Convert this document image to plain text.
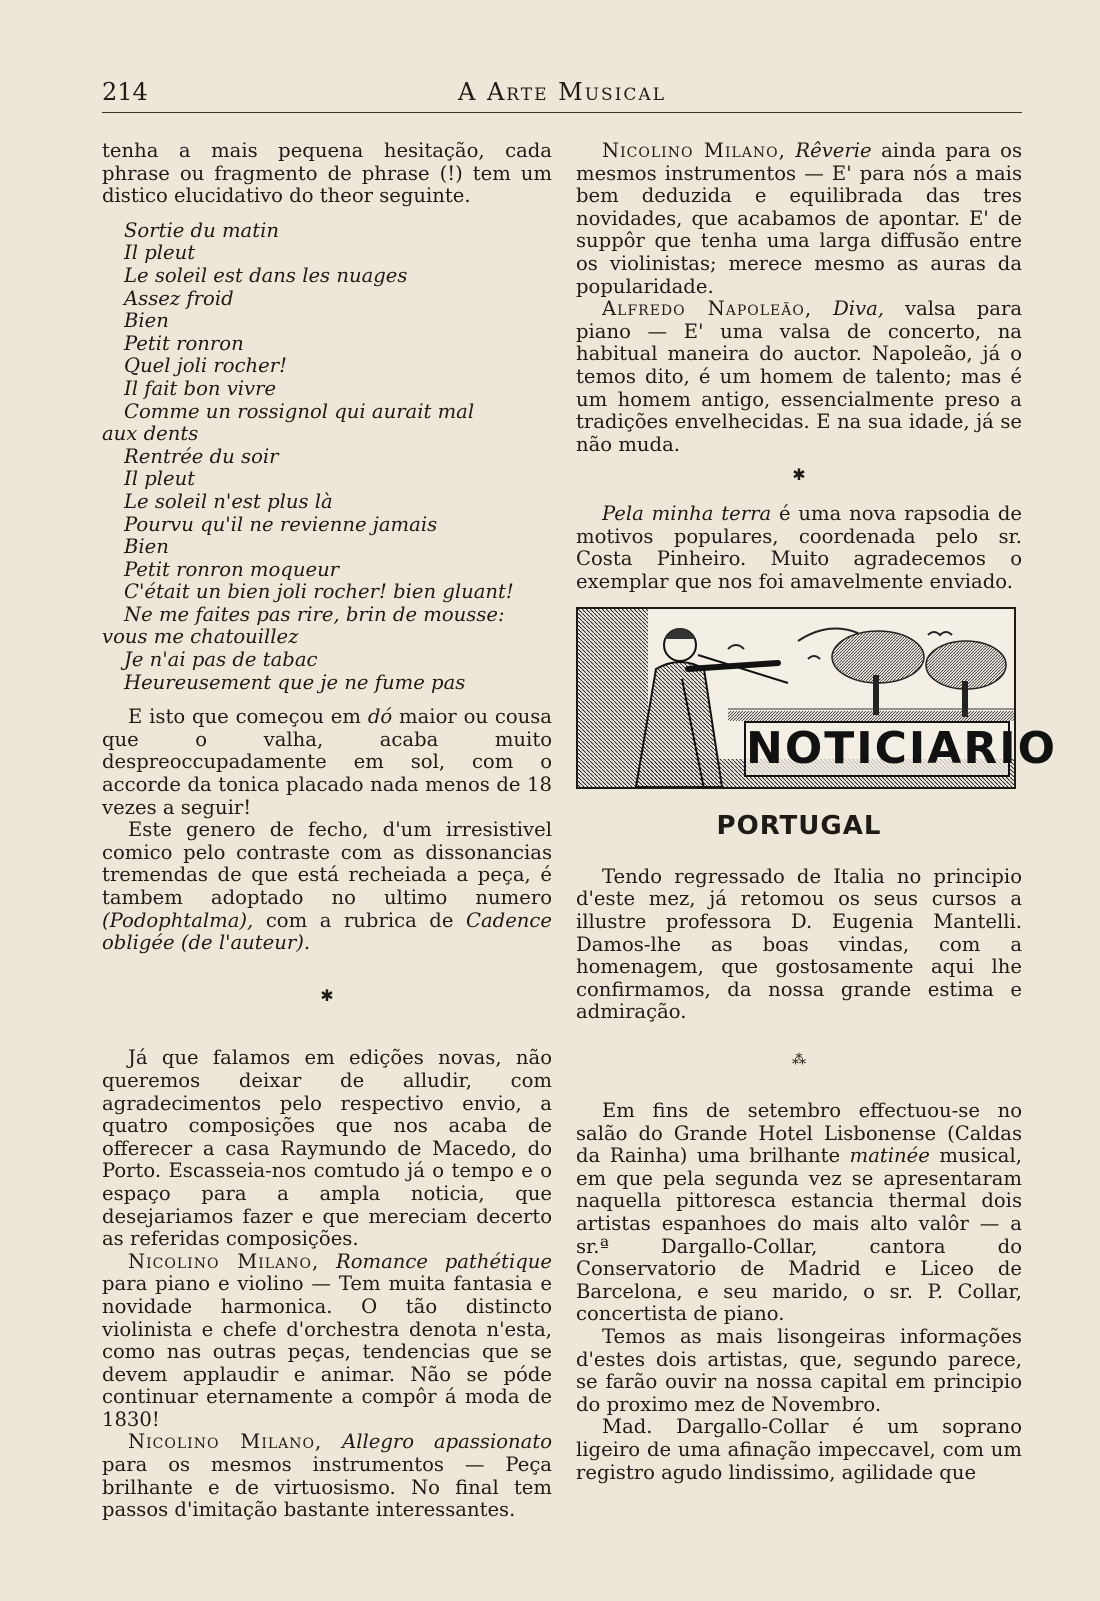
214	A Arte Musical

tenha a mais pequena hesitação, cada phrase ou fragmento de phrase (!) tem um distico elucidativo do theor seguinte.

Sortie du matin
Il pleut
Le soleil est dans les nuages
Assez froid
Bien
Petit ronron
Quel joli rocher!
Il fait bon vivre
Comme un rossignol qui aurait mal
aux dents
Rentrée du soir
Il pleut
Le soleil n'est plus là
Pourvu qu'il ne revienne jamais
Bien
Petit ronron moqueur
C'était un bien joli rocher! bien gluant!
Ne me faites pas rire, brin de mousse:
vous me chatouillez
Je n'ai pas de tabac
Heureusement que je ne fume pas

E isto que começou em dó maior ou cousa que o valha, acaba muito despreoccupadamente em sol, com o accorde da tonica placado nada menos de 18 vezes a seguir!

Este genero de fecho, d'um irresistivel comico pelo contraste com as dissonancias tremendas de que está recheiada a peça, é tambem adoptado no ultimo numero (Podophtalma), com a rubrica de Cadence obligée (de l'auteur).

✱

Já que falamos em edições novas, não queremos deixar de alludir, com agradecimentos pelo respectivo envio, a quatro composições que nos acaba de offerecer a casa Raymundo de Macedo, do Porto. Escasseia-nos comtudo já o tempo e o espaço para a ampla noticia, que desejariamos fazer e que mereciam decerto as referidas composições.

Nicolino Milano, Romance pathétique para piano e violino — Tem muita fantasia e novidade harmonica. O tão distincto violinista e chefe d'orchestra denota n'esta, como nas outras peças, tendencias que se devem applaudir e animar. Não se póde continuar eternamente a compôr á moda de 1830!

Nicolino Milano, Allegro apassionato para os mesmos instrumentos — Peça brilhante e de virtuosismo. No final tem passos d'imitação bastante interessantes.

Nicolino Milano, Rêverie ainda para os mesmos instrumentos — E' para nós a mais bem deduzida e equilibrada das tres novidades, que acabamos de apontar. E' de suppôr que tenha uma larga diffusão entre os violinistas; merece mesmo as auras da popularidade.

Alfredo Napoleão, Diva, valsa para piano — E' uma valsa de concerto, na habitual maneira do auctor. Napoleão, já o temos dito, é um homem de talento; mas é um homem antigo, essencialmente preso a tradições envelhecidas. E na sua idade, já se não muda.

✱

Pela minha terra é uma nova rapsodia de motivos populares, coordenada pelo sr. Costa Pinheiro. Muito agradecemos o exemplar que nos foi amavelmente enviado.

NOTICIARIO
PORTUGAL

Tendo regressado de Italia no principio d'este mez, já retomou os seus cursos a illustre professora D. Eugenia Mantelli. Damos-lhe as boas vindas, com a homenagem, que gostosamente aqui lhe confirmamos, da nossa grande estima e admiração.

⁂

Em fins de setembro effectuou-se no salão do Grande Hotel Lisbonense (Caldas da Rainha) uma brilhante matinée musical, em que pela segunda vez se apresentaram naquella pittoresca estancia thermal dois artistas espanhoes do mais alto valôr — a sr.ª Dargallo-Collar, cantora do Conservatorio de Madrid e Liceo de Barcelona, e seu marido, o sr. P. Collar, concertista de piano.

Temos as mais lisongeiras informações d'estes dois artistas, que, segundo parece, se farão ouvir na nossa capital em principio do proximo mez de Novembro.

Mad. Dargallo-Collar é um soprano ligeiro de uma afinação impeccavel, com um registro agudo lindissimo, agilidade que
